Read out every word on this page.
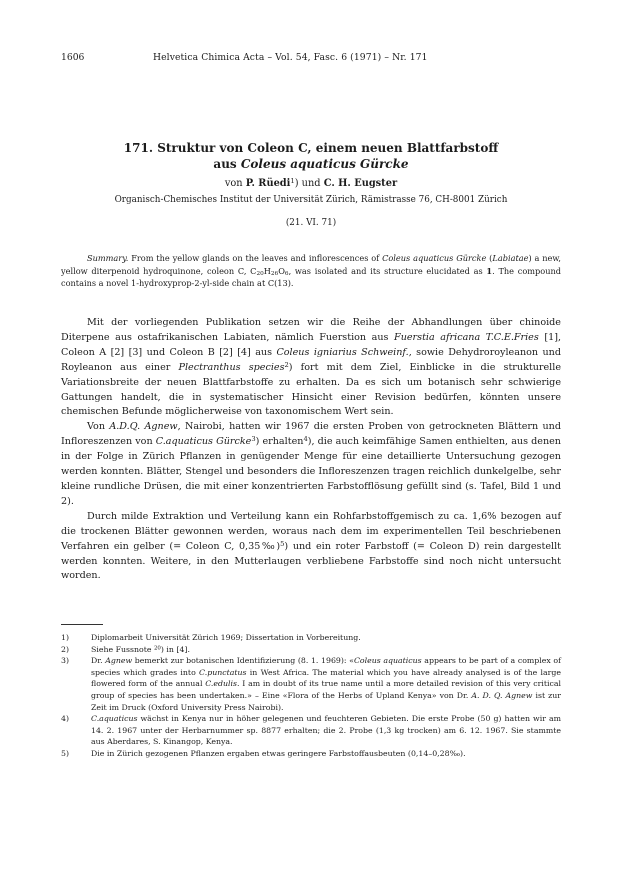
1606	Helvetica Chimica Acta – Vol. 54, Fasc. 6 (1971) – Nr. 171
171. Struktur von Coleon C, einem neuen Blattfarbstoff
aus Coleus aquaticus Gürcke
von P. Rüedi$^1$) und C. H. Eugster
Organisch-Chemisches Institut der Universität Zürich, Rämistrasse 76, CH-8001 Zürich
(21. VI. 71)
Summary. From the yellow glands on the leaves and inflorescences of Coleus aquaticus Gürcke (Labiatae) a new, yellow diterpenoid hydroquinone, coleon C, $C_{20}H_{26}O_6$, was isolated and its structure elucidated as 1. The compound contains a novel 1-hydroxyprop-2-yl-side chain at C(13).

Mit der vorliegenden Publikation setzen wir die Reihe der Abhandlungen über chinoide Diterpene aus ostafrikanischen Labiaten, nämlich Fuerstion aus Fuerstia africana T.C.E.Fries [1], Coleon A [2] [3] und Coleon B [2] [4] aus Coleus igniarius Schweinf., sowie Dehydroroyleanon und Royleanon aus einer Plectranthus species$^2$) fort mit dem Ziel, Einblicke in die strukturelle Variationsbreite der neuen Blattfarbstoffe zu erhalten. Da es sich um botanisch sehr schwierige Gattungen handelt, die in systematischer Hinsicht einer Revision bedürfen, könnten unsere chemischen Befunde möglicherweise von taxonomischem Wert sein.

Von A.D.Q. Agnew, Nairobi, hatten wir 1967 die ersten Proben von getrockneten Blättern und Infloreszenzen von C.aquaticus Gürcke$^3$) erhalten$^4$), die auch keimfähige Samen enthielten, aus denen in der Folge in Zürich Pflanzen in genügender Menge für eine detaillierte Untersuchung gezogen werden konnten. Blätter, Stengel und besonders die Infloreszenzen tragen reichlich dunkelgelbe, sehr kleine rundliche Drüsen, die mit einer konzentrierten Farbstofflösung gefüllt sind (s. Tafel, Bild 1 und 2).

Durch milde Extraktion und Verteilung kann ein Rohfarbstoffgemisch zu ca. 1,6% bezogen auf die trockenen Blätter gewonnen werden, woraus nach dem im experimentellen Teil beschriebenen Verfahren ein gelber (= Coleon C, 0,35‰)$^5$) und ein roter Farbstoff (= Coleon D) rein dargestellt werden konnten. Weitere, in den Mutterlaugen verbliebene Farbstoffe sind noch nicht untersucht worden.

1)	Diplomarbeit Universität Zürich 1969; Dissertation in Vorbereitung.
2)	Siehe Fussnote $^{20}$) in [4].
3)	Dr. Agnew bemerkt zur botanischen Identifizierung (8. 1. 1969): «Coleus aquaticus appears to be part of a complex of species which grades into C.punctatus in West Africa. The material which you have already analysed is of the large flowered form of the annual C.edulis. I am in doubt of its true name until a more detailed revision of this very critical group of species has been undertaken.» – Eine «Flora of the Herbs of Upland Kenya» von Dr. A. D. Q. Agnew ist zur Zeit im Druck (Oxford University Press Nairobi).
4)	C.aquaticus wächst in Kenya nur in höher gelegenen und feuchteren Gebieten. Die erste Probe (50 g) hatten wir am 14. 2. 1967 unter der Herbarnummer sp. 8877 erhalten; die 2. Probe (1,3 kg trocken) am 6. 12. 1967. Sie stammte aus Aberdares, S. Kinangop, Kenya.
5)	Die in Zürich gezogenen Pflanzen ergaben etwas geringere Farbstoffausbeuten (0,14–0,28‰).
